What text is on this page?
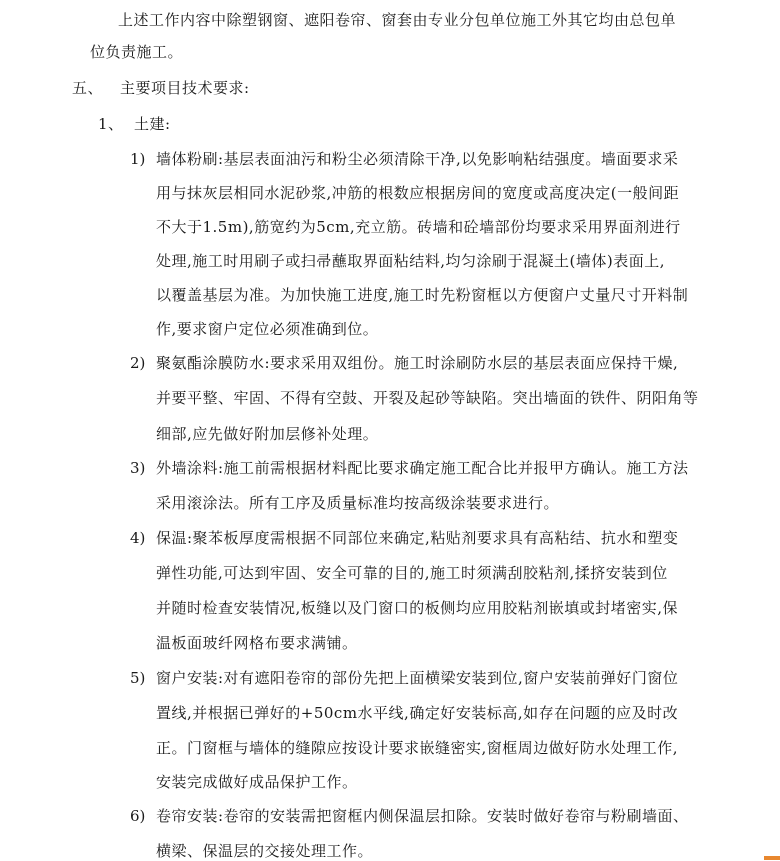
上述工作内容中除塑钢窗、遮阳卷帘、窗套由专业分包单位施工外其它均由总包单
位负责施工。
五、 主要项目技术要求:
1、 土建:
1) 墙体粉刷:基层表面油污和粉尘必须清除干净,以免影响粘结强度。墙面要求采
用与抹灰层相同水泥砂浆,冲筋的根数应根据房间的宽度或高度决定(一般间距
不大于1.5m),筋宽约为5cm,充立筋。砖墙和砼墙部份均要求采用界面剂进行
处理,施工时用刷子或扫帚蘸取界面粘结料,均匀涂刷于混凝土(墙体)表面上,
以覆盖基层为准。为加快施工进度,施工时先粉窗框以方便窗户丈量尺寸开料制
作,要求窗户定位必须准确到位。
2) 聚氨酯涂膜防水:要求采用双组份。施工时涂刷防水层的基层表面应保持干燥,
并要平整、牢固、不得有空鼓、开裂及起砂等缺陷。突出墙面的铁件、阴阳角等
细部,应先做好附加层修补处理。
3) 外墙涂料:施工前需根据材料配比要求确定施工配合比并报甲方确认。施工方法
采用滚涂法。所有工序及质量标准均按高级涂装要求进行。
4) 保温:聚苯板厚度需根据不同部位来确定,粘贴剂要求具有高粘结、抗水和塑变
弹性功能,可达到牢固、安全可靠的目的,施工时须满刮胶粘剂,揉挤安装到位
并随时检查安装情况,板缝以及门窗口的板侧均应用胶粘剂嵌填或封堵密实,保
温板面玻纤网格布要求满铺。
5) 窗户安装:对有遮阳卷帘的部份先把上面横梁安装到位,窗户安装前弹好门窗位
置线,并根据已弹好的+50cm水平线,确定好安装标高,如存在问题的应及时改
正。门窗框与墙体的缝隙应按设计要求嵌缝密实,窗框周边做好防水处理工作,
安装完成做好成品保护工作。
6) 卷帘安装:卷帘的安装需把窗框内侧保温层扣除。安装时做好卷帘与粉刷墙面、
横梁、保温层的交接处理工作。
